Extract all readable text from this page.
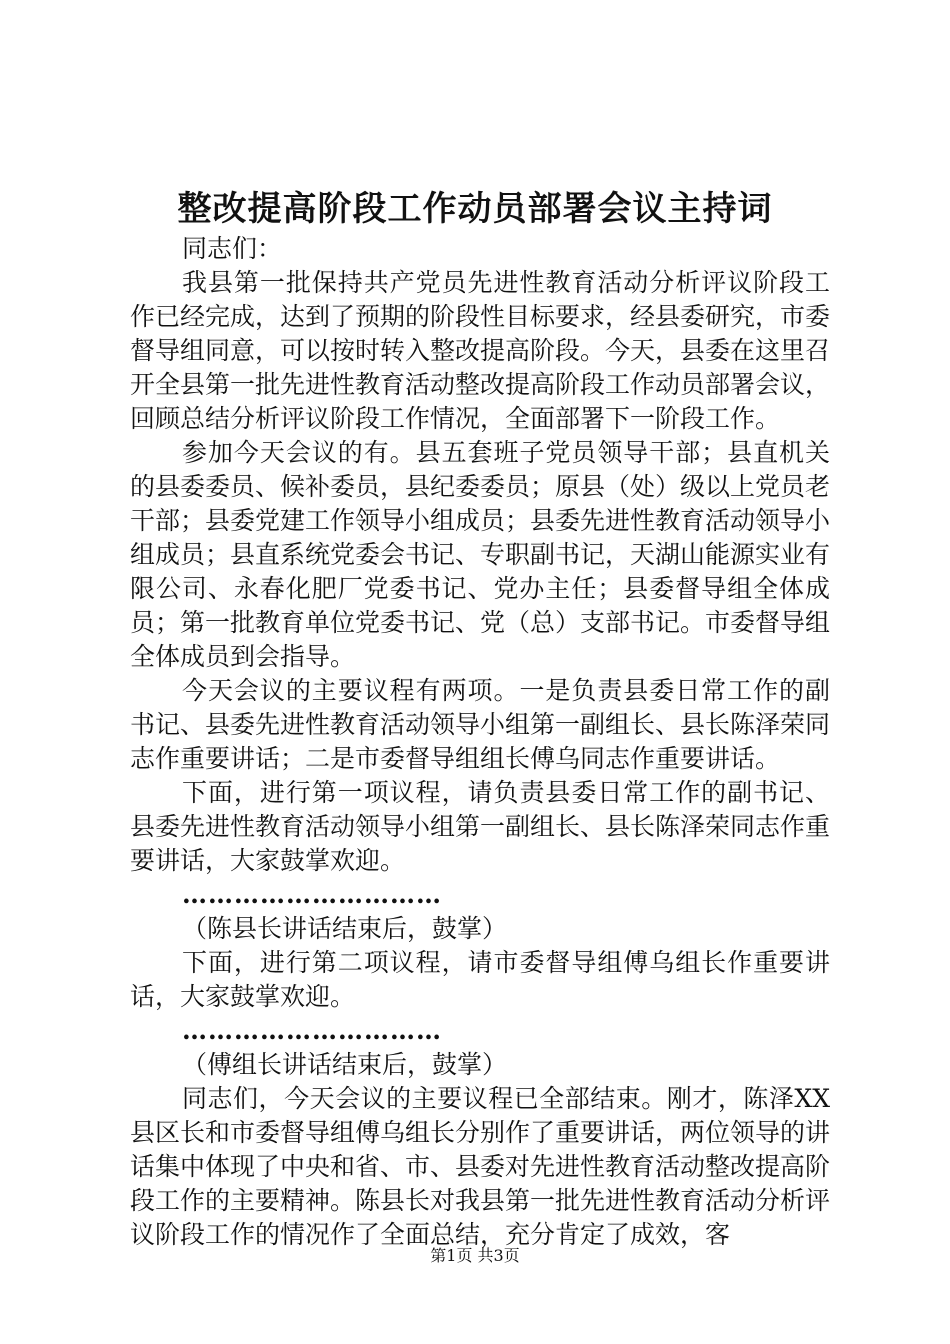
整改提高阶段工作动员部署会议主持词

同志们：

我县第一批保持共产党员先进性教育活动分析评议阶段工作已经完成，达到了预期的阶段性目标要求，经县委研究，市委督导组同意，可以按时转入整改提高阶段。今天，县委在这里召开全县第一批先进性教育活动整改提高阶段工作动员部署会议，回顾总结分析评议阶段工作情况，全面部署下一阶段工作。

参加今天会议的有。县五套班子党员领导干部；县直机关的县委委员、候补委员，县纪委委员；原县（处）级以上党员老干部；县委党建工作领导小组成员；县委先进性教育活动领导小组成员；县直系统党委会书记、专职副书记，天湖山能源实业有限公司、永春化肥厂党委书记、党办主任；县委督导组全体成员；第一批教育单位党委书记、党（总）支部书记。市委督导组全体成员到会指导。

今天会议的主要议程有两项。一是负责县委日常工作的副书记、县委先进性教育活动领导小组第一副组长、县长陈泽荣同志作重要讲话；二是市委督导组组长傅乌同志作重要讲话。

下面，进行第一项议程，请负责县委日常工作的副书记、县委先进性教育活动领导小组第一副组长、县长陈泽荣同志作重要讲话，大家鼓掌欢迎。

…………………………

（陈县长讲话结束后，鼓掌）

下面，进行第二项议程，请市委督导组傅乌组长作重要讲话，大家鼓掌欢迎。

…………………………

（傅组长讲话结束后，鼓掌）

同志们，今天会议的主要议程已全部结束。刚才，陈泽XX县区长和市委督导组傅乌组长分别作了重要讲话，两位领导的讲话集中体现了中央和省、市、县委对先进性教育活动整改提高阶段工作的主要精神。陈县长对我县第一批先进性教育活动分析评议阶段工作的情况作了全面总结，充分肯定了成效，客

第1页 共3页
